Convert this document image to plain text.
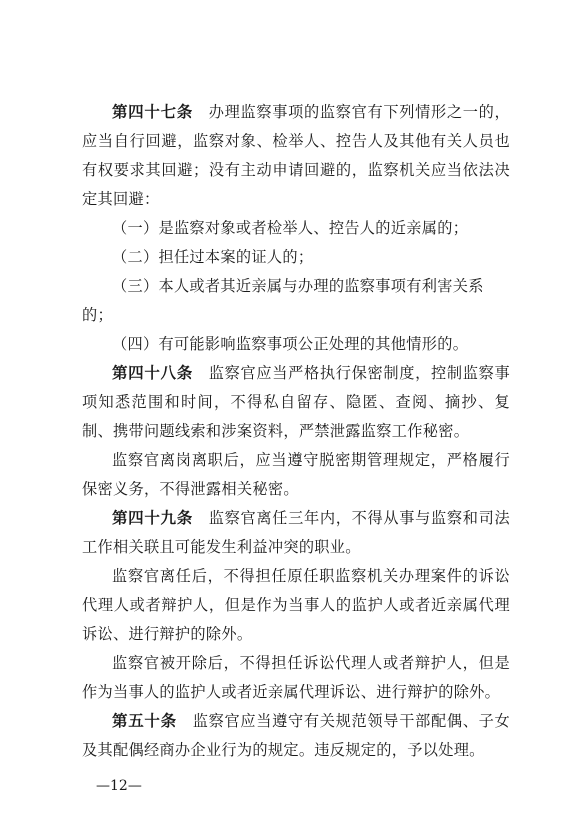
第四十七条　 办理监察事项的监察官有下列情形之一的，应当自行回避，监察对象、检举人、控告人及其他有关人员也有权要求其回避；没有主动申请回避的，监察机关应当依法决定其回避：

（一）是监察对象或者检举人、控告人的近亲属的；

（二）担任过本案的证人的；

（三）本人或者其近亲属与办理的监察事项有利害关系的；

（四）有可能影响监察事项公正处理的其他情形的。

第四十八条　 监察官应当严格执行保密制度，控制监察事项知悉范围和时间，不得私自留存、隐匿、查阅、摘抄、复制、携带问题线索和涉案资料，严禁泄露监察工作秘密。

监察官离岗离职后，应当遵守脱密期管理规定，严格履行保密义务，不得泄露相关秘密。

第四十九条　 监察官离任三年内，不得从事与监察和司法工作相关联且可能发生利益冲突的职业。

监察官离任后，不得担任原任职监察机关办理案件的诉讼代理人或者辩护人，但是作为当事人的监护人或者近亲属代理诉讼、进行辩护的除外。

监察官被开除后，不得担任诉讼代理人或者辩护人，但是作为当事人的监护人或者近亲属代理诉讼、进行辩护的除外。

第五十条　 监察官应当遵守有关规范领导干部配偶、子女及其配偶经商办企业行为的规定。违反规定的，予以处理。

—12—
